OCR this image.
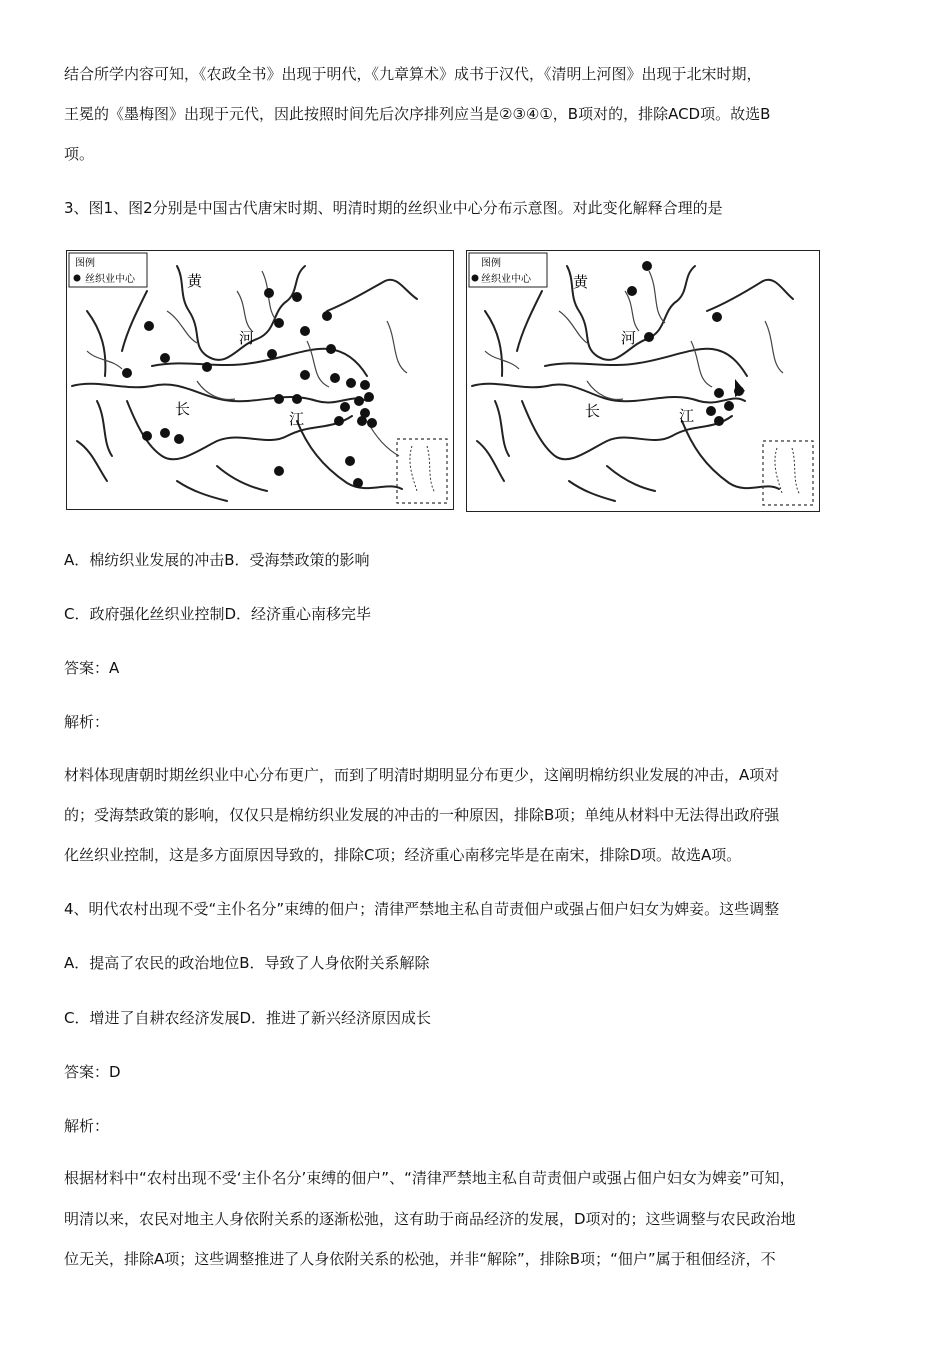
结合所学内容可知，《农政全书》出现于明代，《九章算术》成书于汉代，《清明上河图》出现于北宋时期，
王冕的《墨梅图》出现于元代，因此按照时间先后次序排列应当是②③④①，B项对的，排除ACD项。故选B
项。
3、图1、图2分别是中国古代唐宋时期、明清时期的丝织业中心分布示意图。对此变化解释合理的是
图例
丝织业中心	黄
河
长
江
图例
丝织业中心	黄
河
长	江
A．棉纺织业发展的冲击B．受海禁政策的影响
C．政府强化丝织业控制D．经济重心南移完毕
答案：A
解析：
材料体现唐朝时期丝织业中心分布更广，而到了明清时期明显分布更少，这阐明棉纺织业发展的冲击，A项对
的；受海禁政策的影响，仅仅只是棉纺织业发展的冲击的一种原因，排除B项；单纯从材料中无法得出政府强
化丝织业控制，这是多方面原因导致的，排除C项；经济重心南移完毕是在南宋，排除D项。故选A项。
4、明代农村出现不受“主仆名分”束缚的佃户；清律严禁地主私自苛责佃户或强占佃户妇女为婢妾。这些调整
A．提高了农民的政治地位B．导致了人身依附关系解除
C．增进了自耕农经济发展D．推进了新兴经济原因成长
答案：D
解析：
根据材料中“农村出现不受‘主仆名分’束缚的佃户”、“清律严禁地主私自苛责佃户或强占佃户妇女为婢妾”可知，
明清以来，农民对地主人身依附关系的逐渐松弛，这有助于商品经济的发展，D项对的；这些调整与农民政治地
位无关，排除A项；这些调整推进了人身依附关系的松弛，并非“解除”，排除B项；“佃户”属于租佃经济，不
